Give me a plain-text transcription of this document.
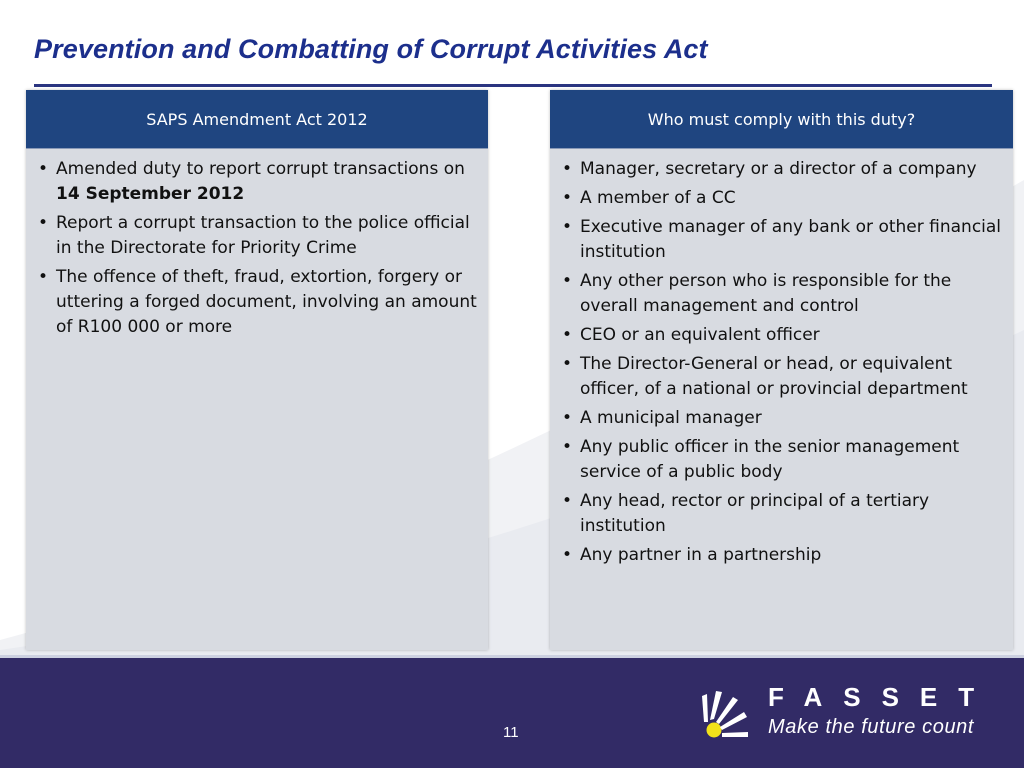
Prevention and Combatting of Corrupt Activities Act
SAPS Amendment Act 2012
• Amended duty to report corrupt transactions on 14 September 2012
• Report a corrupt transaction to the police official in the Directorate for Priority Crime
• The offence of theft, fraud, extortion, forgery or uttering a forged document, involving an amount of R100 000 or more
Who must comply with this duty?
• Manager, secretary or a director of a company
• A member of a CC
• Executive manager of any bank or other financial institution
• Any other person who is responsible for the overall management and control
• CEO or an equivalent officer
• The Director-General or head, or equivalent officer, of a national or provincial department
• A municipal manager
• Any public officer in the senior management service of a public body
• Any head, rector or principal of a tertiary institution
• Any partner in a partnership
11
FASSET
Make the future count
